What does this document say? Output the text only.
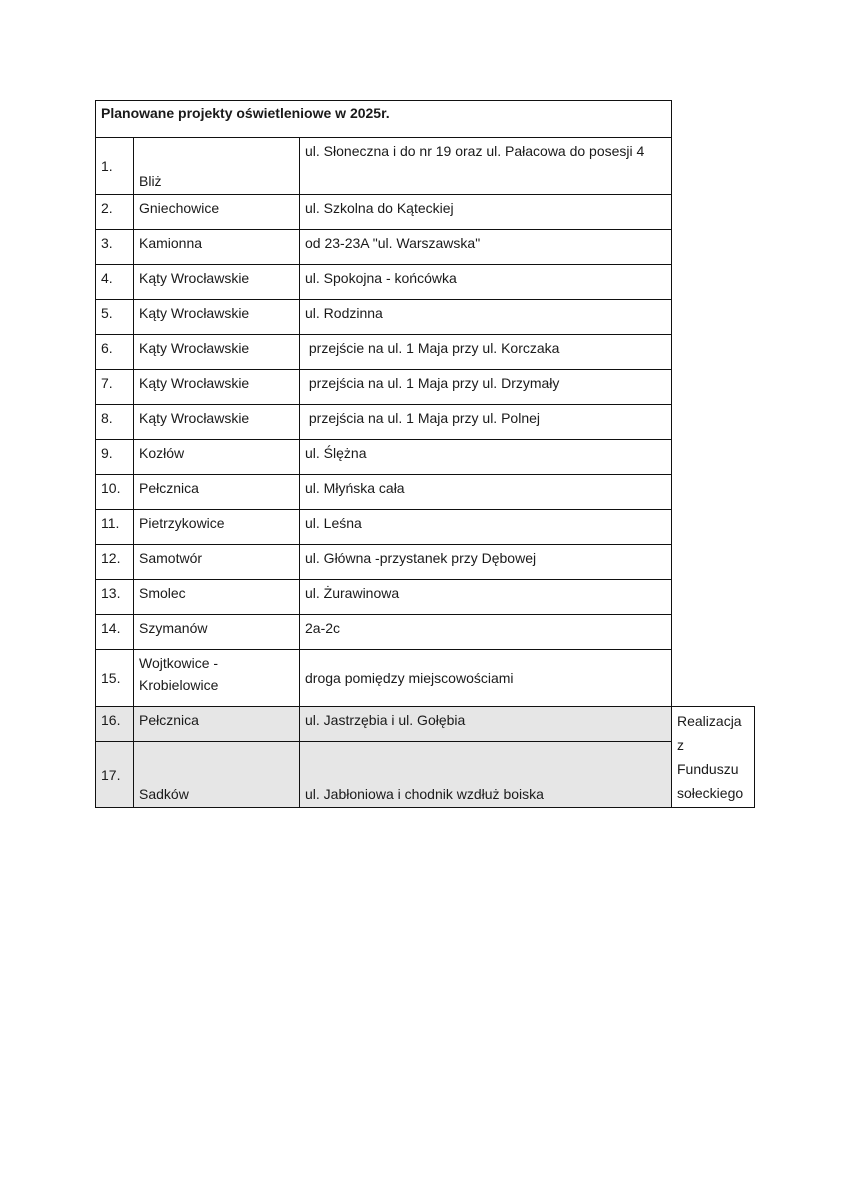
Planowane projekty oświetleniowe w 2025r.			
1.	Bliż	ul. Słoneczna i do nr 19 oraz ul. Pałacowa do posesji 4	
2.	Gniechowice	ul. Szkolna do Kąteckiej	
3.	Kamionna	od 23-23A "ul. Warszawska"	
4.	Kąty Wrocławskie	ul. Spokojna - końcówka	
5.	Kąty Wrocławskie	ul. Rodzinna	
6.	Kąty Wrocławskie	przejście na ul. 1 Maja przy ul. Korczaka	
7.	Kąty Wrocławskie	przejścia na ul. 1 Maja przy ul. Drzymały	
8.	Kąty Wrocławskie	przejścia na ul. 1 Maja przy ul. Polnej	
9.	Kozłów	ul. Ślężna	
10.	Pełcznica	ul. Młyńska cała	
11.	Pietrzykowice	ul. Leśna	
12.	Samotwór	ul. Główna -przystanek przy Dębowej	
13.	Smolec	ul. Żurawinowa	
14.	Szymanów	2a-2c	
15.	Wojtkowice - Krobielowice	droga pomiędzy miejscowościami	
16.	Pełcznica	ul. Jastrzębia i ul. Gołębia	Realizacja z Funduszu sołeckiego
17.	Sadków	ul. Jabłoniowa i chodnik wzdłuż boiska	
